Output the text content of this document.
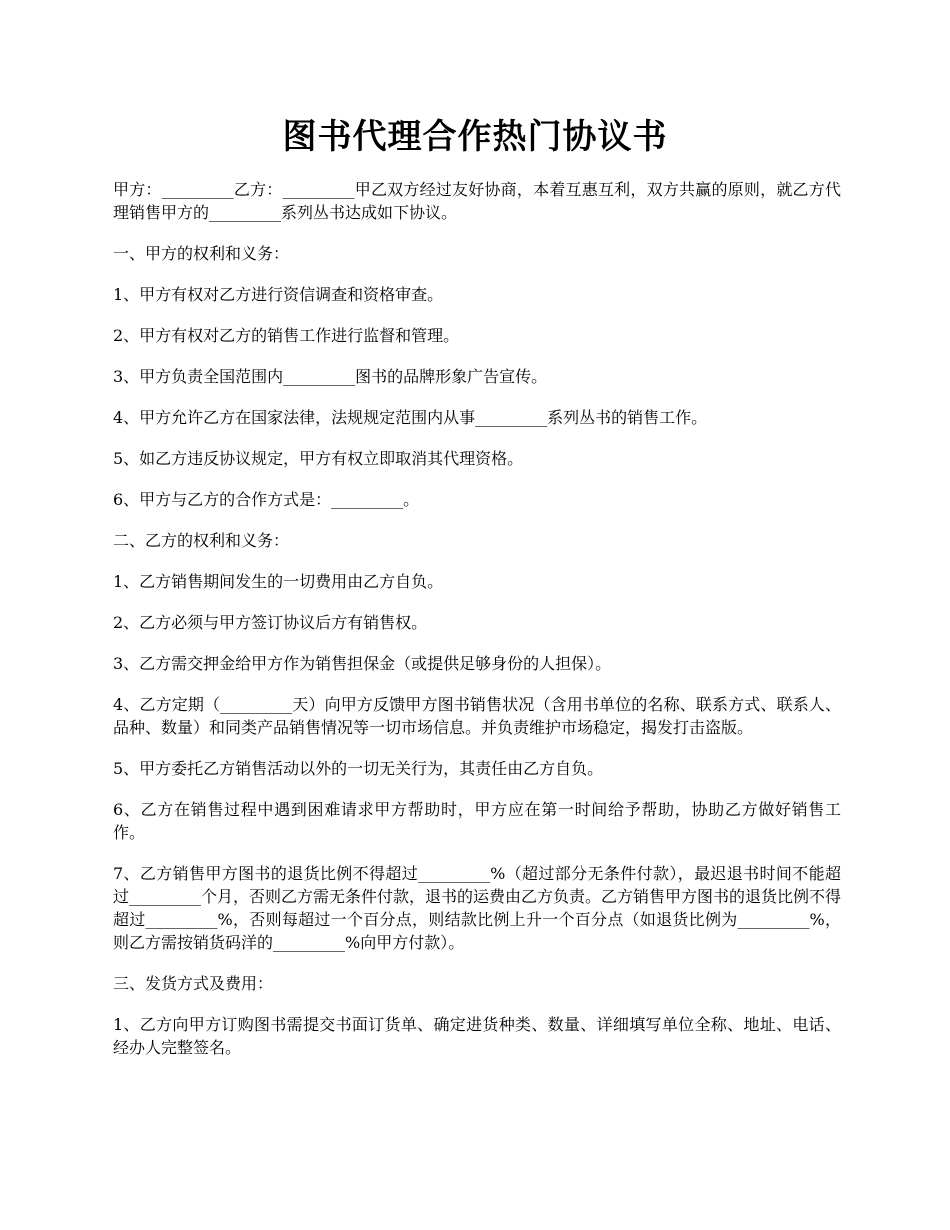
图书代理合作热门协议书

甲方：_________乙方：_________甲乙双方经过友好协商，本着互惠互利，双方共赢的原则，就乙方代理销售甲方的_________系列丛书达成如下协议。

一、甲方的权利和义务：

1、甲方有权对乙方进行资信调查和资格审查。

2、甲方有权对乙方的销售工作进行监督和管理。

3、甲方负责全国范围内_________图书的品牌形象广告宣传。

4、甲方允许乙方在国家法律，法规规定范围内从事_________系列丛书的销售工作。

5、如乙方违反协议规定，甲方有权立即取消其代理资格。

6、甲方与乙方的合作方式是：_________。

二、乙方的权利和义务：

1、乙方销售期间发生的一切费用由乙方自负。

2、乙方必须与甲方签订协议后方有销售权。

3、乙方需交押金给甲方作为销售担保金（或提供足够身份的人担保）。

4、乙方定期（_________天）向甲方反馈甲方图书销售状况（含用书单位的名称、联系方式、联系人、品种、数量）和同类产品销售情况等一切市场信息。并负责维护市场稳定，揭发打击盗版。

5、甲方委托乙方销售活动以外的一切无关行为，其责任由乙方自负。

6、乙方在销售过程中遇到困难请求甲方帮助时，甲方应在第一时间给予帮助，协助乙方做好销售工作。

7、乙方销售甲方图书的退货比例不得超过_________%（超过部分无条件付款），最迟退书时间不能超过_________个月，否则乙方需无条件付款，退书的运费由乙方负责。乙方销售甲方图书的退货比例不得超过_________%，否则每超过一个百分点，则结款比例上升一个百分点（如退货比例为_________%，则乙方需按销货码洋的_________%向甲方付款）。

三、发货方式及费用：

1、乙方向甲方订购图书需提交书面订货单、确定进货种类、数量、详细填写单位全称、地址、电话、经办人完整签名。
